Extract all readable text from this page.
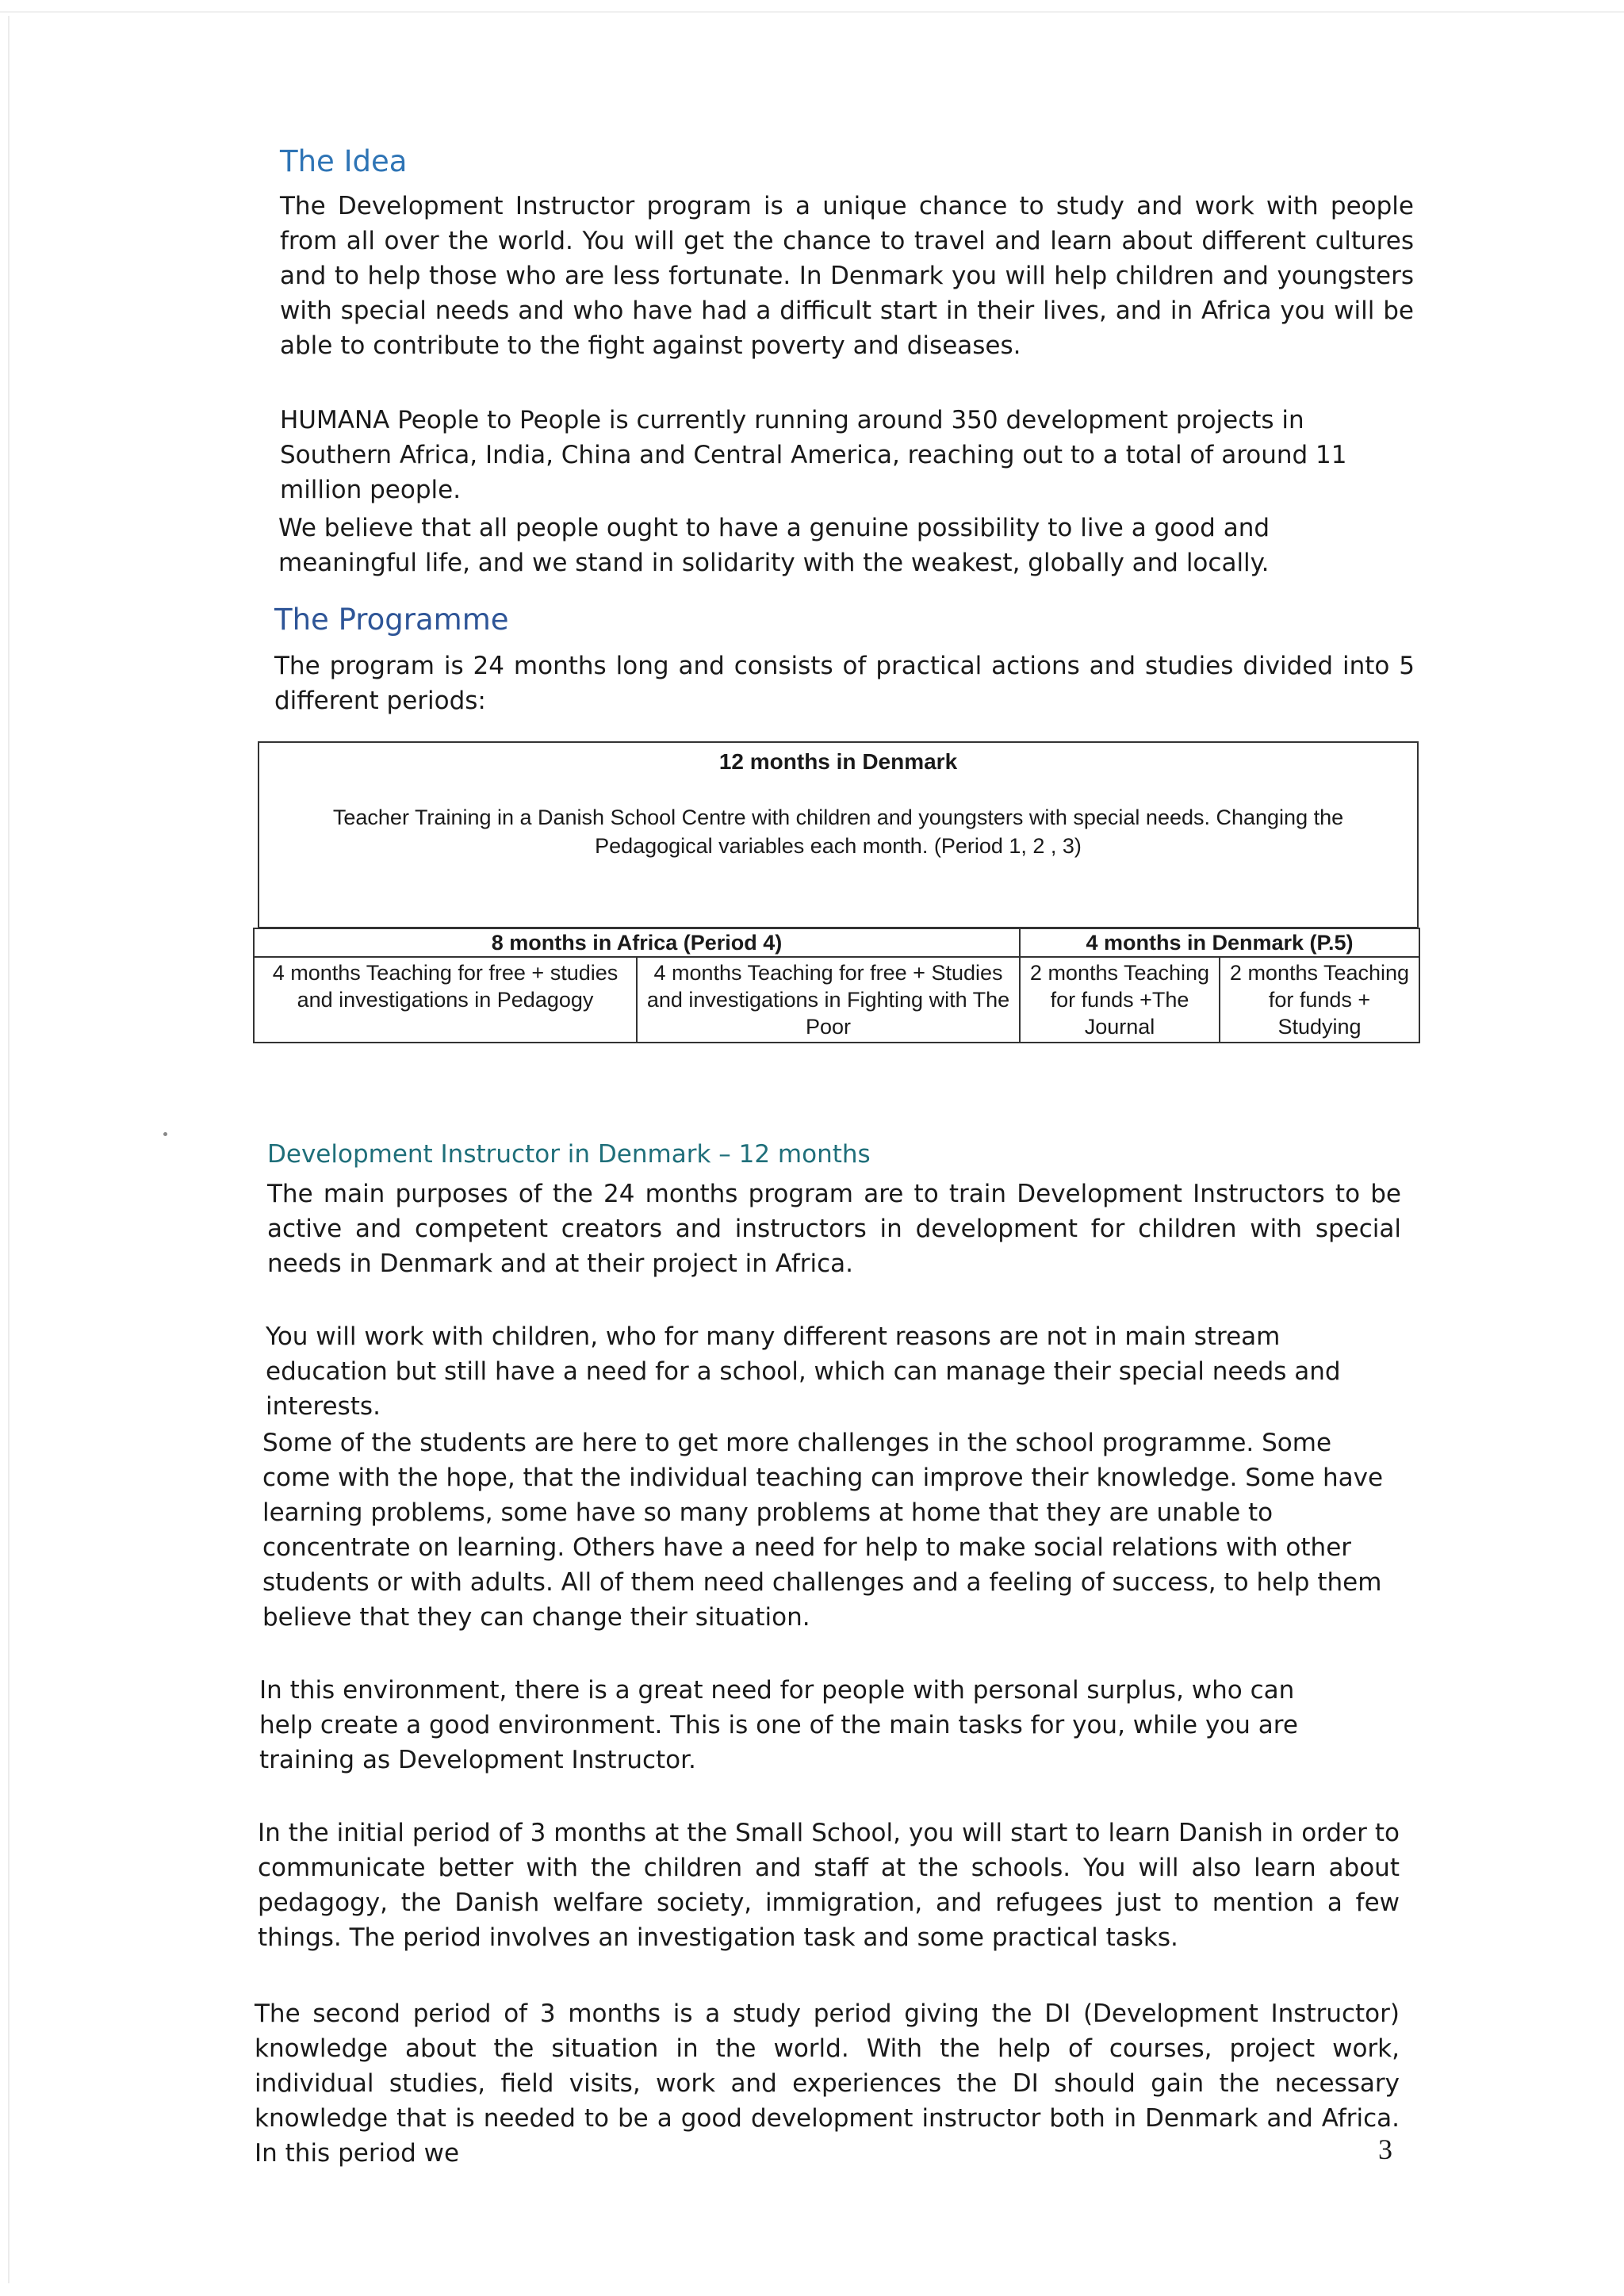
The Idea

The Development Instructor program is a unique chance to study and work with people from all over the world. You will get the chance to travel and learn about different cultures and to help those who are less fortunate. In Denmark you will help children and youngsters with special needs and who have had a difficult start in their lives, and in Africa you will be able to contribute to the fight against poverty and diseases.

HUMANA People to People is currently running around 350 development projects in Southern Africa, India, China and Central America, reaching out to a total of around 11 million people.

We believe that all people ought to have a genuine possibility to live a good and meaningful life, and we stand in solidarity with the weakest, globally and locally.

The Programme

The program is 24 months long and consists of practical actions and studies divided into 5 different periods:

12 months in Denmark
Teacher Training in a Danish School Centre with children and youngsters with special needs. Changing the Pedagogical variables each month. (Period 1, 2 , 3)
8 months in Africa (Period 4)		4 months in Denmark (P.5)	
4 months Teaching for free + studies and investigations in Pedagogy	4 months Teaching for free + Studies and investigations in Fighting with The Poor	2 months Teaching for funds +The Journal	2 months Teaching for funds + Studying
Development Instructor in Denmark – 12 months

The main purposes of the 24 months program are to train Development Instructors to be active and competent creators and instructors in development for children with special needs in Denmark and at their project in Africa.

You will work with children, who for many different reasons are not in main stream education but still have a need for a school, which can manage their special needs and interests.

Some of the students are here to get more challenges in the school programme. Some come with the hope, that the individual teaching can improve their knowledge. Some have learning problems, some have so many problems at home that they are unable to concentrate on learning. Others have a need for help to make social relations with other students or with adults. All of them need challenges and a feeling of success, to help them believe that they can change their situation.

In this environment, there is a great need for people with personal surplus, who can help create a good environment. This is one of the main tasks for you, while you are training as Development Instructor.

In the initial period of 3 months at the Small School, you will start to learn Danish in order to communicate better with the children and staff at the schools. You will also learn about pedagogy, the Danish welfare society, immigration, and refugees just to mention a few things. The period involves an investigation task and some practical tasks.

The second period of 3 months is a study period giving the DI (Development Instructor) knowledge about the situation in the world. With the help of courses, project work, individual studies, field visits, work and experiences the DI should gain the necessary knowledge that is needed to be a good development instructor both in Denmark and Africa. In this period we	3
